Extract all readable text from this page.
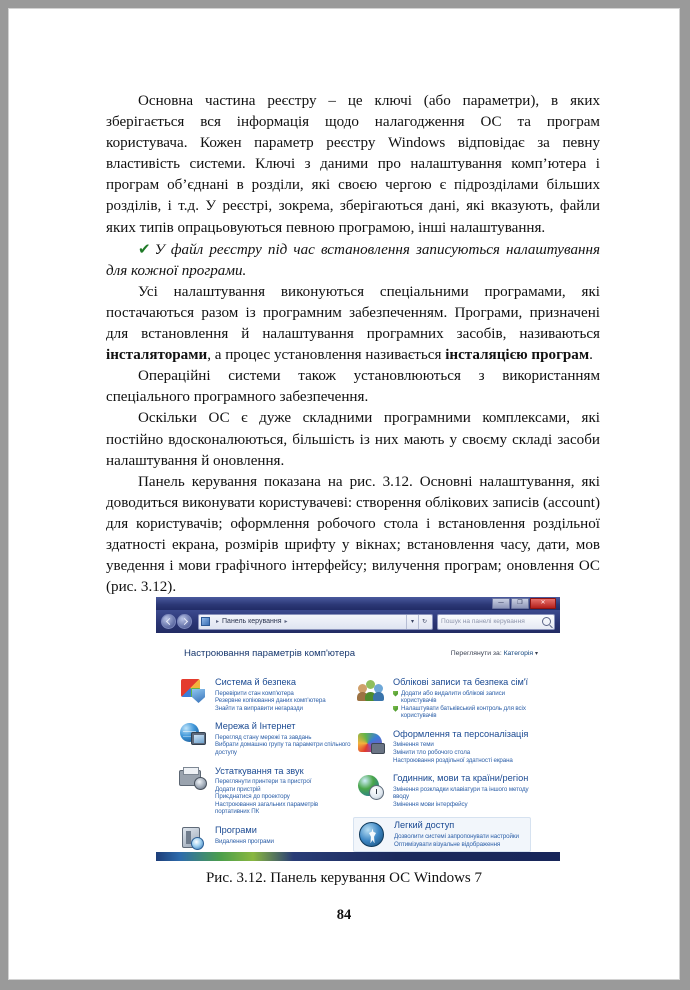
Основна частина реєстру – це ключі (або параметри), в яких зберігається вся інформація щодо налагодження ОС та програм користувача. Кожен параметр реєстру Windows відповідає за певну властивість системи. Ключі з даними про налаштування комп’ютера і програм об’єднані в розділи, які своєю чергою є підрозділами більших розділів, і т.д. У реєстрі, зокрема, зберігаються дані, які вказують, файли яких типів опрацьовуються певною програмою, інші налаштування.

✔ У файл реєстру під час встановлення записуються налаштування для кожної програми.

Усі налаштування виконуються спеціальними програмами, які постачаються разом із програмним забезпеченням. Програми, призначені для встановлення й налаштування програмних засобів, називаються інсталяторами, а процес установлення називається інсталяцією програм.

Операційні системи також установлюються з використанням спеціального програмного забезпечення.

Оскільки ОС є дуже складними програмними комплексами, які постійно вдосконалюються, більшість із них мають у своєму складі засоби налаштування й оновлення.

Панель керування показана на рис. 3.12. Основні налаштування, які доводиться виконувати користувачеві: створення облікових записів (account) для користувачів; оформлення робочого стола і встановлення роздільної здатності екрана, розмірів шрифту у вікнах; встановлення часу, дати, мов уведення і мови графічного інтерфейсу; вилучення програм; оновлення ОС (рис. 3.12).

—	❐	✕
▸ Панель керування ▸	▾	↻	Пошук на панелі керування
Настроювання параметрів комп'ютера	Переглянути за: Категорія ▾
Система й безпека
Перевірити стан комп'ютера
Резервне копіювання даних комп'ютера
Знайти та виправити негаразди
Мережа й Інтернет
Перегляд стану мережі та завдань
Вибрати домашню групу та параметри спільного доступу
Устаткування та звук
Переглянути принтери та пристрої
Додати пристрій
Приєднатися до проектору
Настроювання загальних параметрів портативних ПК
Програми
Видалення програми
Облікові записи та безпека сім'ї
Додати або видалити облікові записи користувачів
Налаштувати батьківський контроль для всіх користувачів
Оформлення та персоналізація
Змінення теми
Змінити тло робочого стола
Настроювання роздільної здатності екрана
Годинник, мови та країни/регіон
Змінення розкладки клавіатури та іншого методу вводу
Змінення мови інтерфейсу
Легкий доступ
Дозволити системі запропонувати настройки
Оптимізувати візуальне відображення
Рис. 3.12. Панель керування ОС Windows 7
84
